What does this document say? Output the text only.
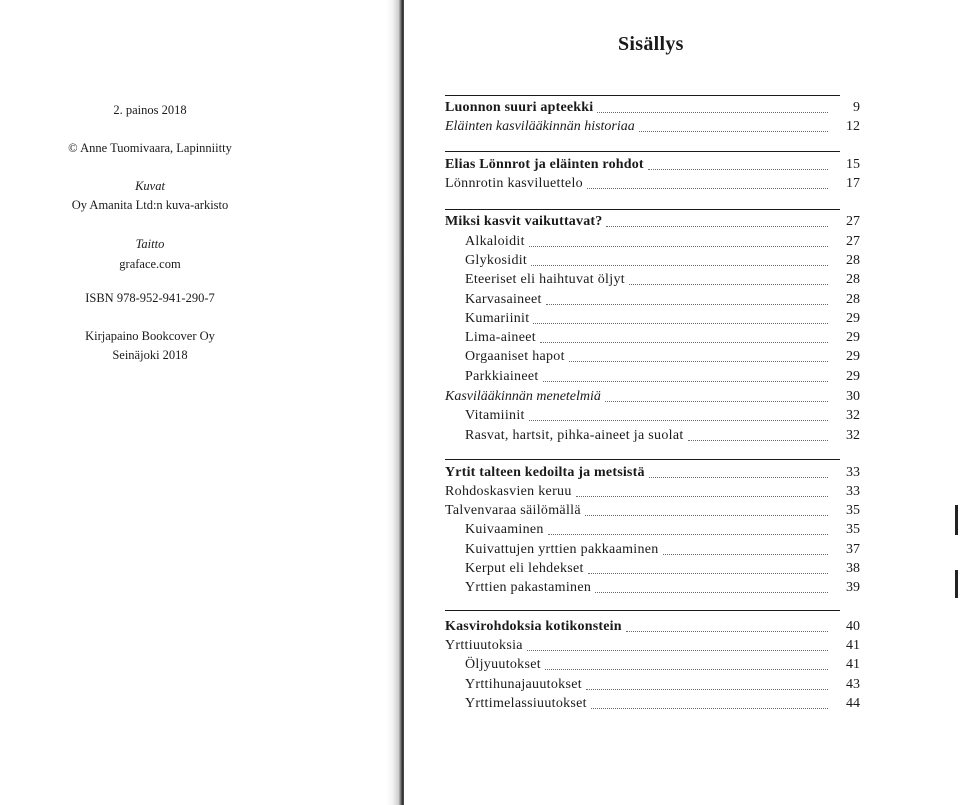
2. painos 2018
© Anne Tuomivaara, Lapinniitty
Kuvat
Oy Amanita Ltd:n kuva-arkisto
Taitto
graface.com
ISBN 978-952-941-290-7
Kirjapaino Bookcover Oy
Seinäjoki 2018
Sisällys
Luonnon suuri apteekki	9
Eläinten kasvilääkinnän historiaa	12
Elias Lönnrot ja eläinten rohdot	15
Lönnrotin kasviluettelo	17
Miksi kasvit vaikuttavat?	27
Alkaloidit	27
Glykosidit	28
Eteeriset eli haihtuvat öljyt	28
Karvasaineet	28
Kumariinit	29
Lima-aineet	29
Orgaaniset hapot	29
Parkkiaineet	29
Kasvilääkinnän menetelmiä	30
Vitamiinit	32
Rasvat, hartsit, pihka-aineet ja suolat	32
Yrtit talteen kedoilta ja metsistä	33
Rohdoskasvien keruu	33
Talvenvaraa säilömällä	35
Kuivaaminen	35
Kuivattujen yrttien pakkaaminen	37
Kerput eli lehdekset	38
Yrttien pakastaminen	39
Kasvirohdoksia kotikonstein	40
Yrttiuutoksia	41
Öljyuutokset	41
Yrttihunajauutokset	43
Yrttimelassiuutokset	44
